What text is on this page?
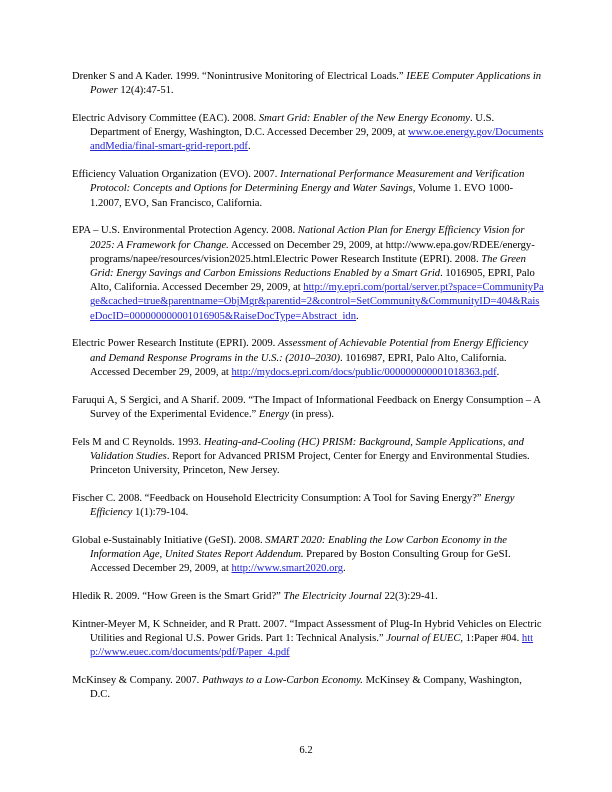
Drenker S and A Kader. 1999. “Nonintrusive Monitoring of Electrical Loads.” IEEE Computer Applications in Power 12(4):47-51.

Electric Advisory Committee (EAC). 2008. Smart Grid: Enabler of the New Energy Economy. U.S. Department of Energy, Washington, D.C. Accessed December 29, 2009, at www.oe.energy.gov/DocumentsandMedia/final-smart-grid-report.pdf.

Efficiency Valuation Organization (EVO). 2007. International Performance Measurement and Verification Protocol: Concepts and Options for Determining Energy and Water Savings, Volume 1. EVO 1000-1.2007, EVO, San Francisco, California.

EPA – U.S. Environmental Protection Agency. 2008. National Action Plan for Energy Efficiency Vision for 2025: A Framework for Change. Accessed on December 29, 2009, at http://www.epa.gov/RDEE/energy-programs/napee/resources/vision2025.html.Electric Power Research Institute (EPRI). 2008. The Green Grid: Energy Savings and Carbon Emissions Reductions Enabled by a Smart Grid. 1016905, EPRI, Palo Alto, California. Accessed December 29, 2009, at http://my.epri.com/portal/server.pt?space=CommunityPage&cached=true&parentname=ObjMgr&parentid=2&control=SetCommunity&CommunityID=404&RaiseDocID=000000000001016905&RaiseDocType=Abstract_idn.

Electric Power Research Institute (EPRI). 2009. Assessment of Achievable Potential from Energy Efficiency and Demand Response Programs in the U.S.: (2010–2030). 1016987, EPRI, Palo Alto, California. Accessed December 29, 2009, at http://mydocs.epri.com/docs/public/000000000001018363.pdf.

Faruqui A, S Sergici, and A Sharif. 2009. “The Impact of Informational Feedback on Energy Consumption – A Survey of the Experimental Evidence.” Energy (in press).

Fels M and C Reynolds. 1993. Heating-and-Cooling (HC) PRISM: Background, Sample Applications, and Validation Studies. Report for Advanced PRISM Project, Center for Energy and Environmental Studies. Princeton University, Princeton, New Jersey.

Fischer C. 2008. “Feedback on Household Electricity Consumption: A Tool for Saving Energy?” Energy Efficiency 1(1):79-104.

Global e-Sustainably Initiative (GeSI). 2008. SMART 2020: Enabling the Low Carbon Economy in the Information Age, United States Report Addendum. Prepared by Boston Consulting Group for GeSI. Accessed December 29, 2009, at http://www.smart2020.org.

Hledik R. 2009. “How Green is the Smart Grid?” The Electricity Journal 22(3):29-41.

Kintner-Meyer M, K Schneider, and R Pratt. 2007. “Impact Assessment of Plug-In Hybrid Vehicles on Electric Utilities and Regional U.S. Power Grids. Part 1: Technical Analysis.” Journal of EUEC, 1:Paper #04. http://www.euec.com/documents/pdf/Paper_4.pdf

McKinsey & Company. 2007. Pathways to a Low-Carbon Economy. McKinsey & Company, Washington, D.C.

6.2
